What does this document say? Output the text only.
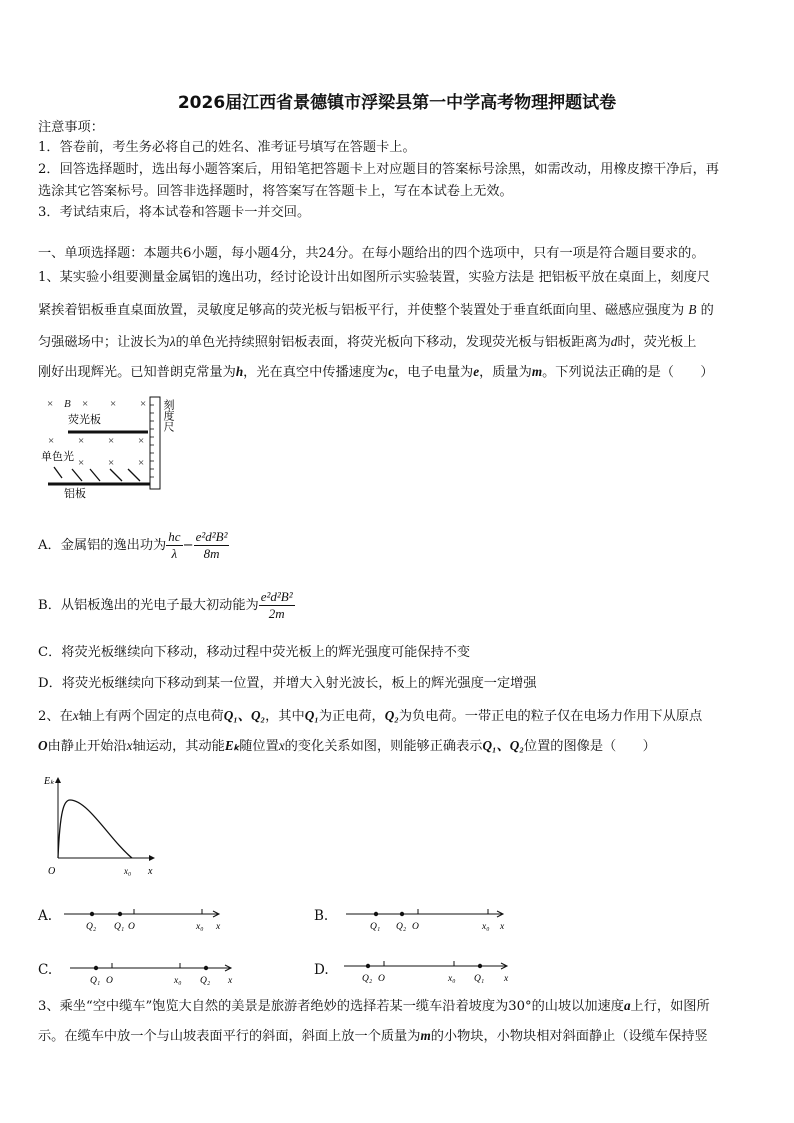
2026届江西省景德镇市浮梁县第一中学高考物理押题试卷
注意事项：
1．答卷前，考生务必将自己的姓名、准考证号填写在答题卡上。
2．回答选择题时，选出每小题答案后，用铅笔把答题卡上对应题目的答案标号涂黑，如需改动，用橡皮擦干净后，再
选涂其它答案标号。回答非选择题时，将答案写在答题卡上，写在本试卷上无效。
3．考试结束后，将本试卷和答题卡一并交回。
一、单项选择题：本题共6小题，每小题4分，共24分。在每小题给出的四个选项中，只有一项是符合题目要求的。
1、某实验小组要测量金属铝的逸出功，经讨论设计出如图所示实验装置，实验方法是 把铝板平放在桌面上，刻度尺
紧挨着铝板垂直桌面放置，灵敏度足够高的荧光板与铝板平行，并使整个装置处于垂直纸面向里、磁感应强度为 B 的
匀强磁场中；让波长为λ的单色光持续照射铝板表面，将荧光板向下移动，发现荧光板与铝板距离为d时，荧光板上
刚好出现辉光。已知普朗克常量为h，光在真空中传播速度为c，电子电量为e，质量为m。下列说法正确的是（　　）
× B × × ×
× × × ×
× × ×
荧光板
单色光
铝板
刻度尺
A．金属铝的逸出功为 $\frac{hc}{\lambda} - \frac{\text{e²d²B²}}{8m}$
B．从铝板逸出的光电子最大初动能为 $\frac{\text{e²d²B²}}{2m}$
C．将荧光板继续向下移动，移动过程中荧光板上的辉光强度可能保持不变
D．将荧光板继续向下移动到某一位置，并增大入射光波长，板上的辉光强度一定增强
2、在x轴上有两个固定的点电荷Q₁、Q₂，其中Q₁为正电荷，Q₂为负电荷。一带正电的粒子仅在电场力作用下从原点
O由静止开始沿x轴运动，其动能Eₖ随位置x的变化关系如图，则能够正确表示Q₁、Q₂位置的图像是（　　）
Eₖ
O	x₀ x
A.
Q₂ Q₁ O	x₀ x
B.
Q₁ Q₂ O	x₀ x
C.
Q₁ O	x₀ Q₂ x
D.
Q₂ O	x₀ Q₁ x
3、乘坐“空中缆车”饱览大自然的美景是旅游者绝妙的选择若某一缆车沿着坡度为30°的山坡以加速度a上行，如图所
示。在缆车中放一个与山坡表面平行的斜面，斜面上放一个质量为m的小物块，小物块相对斜面静止（设缆车保持竖
